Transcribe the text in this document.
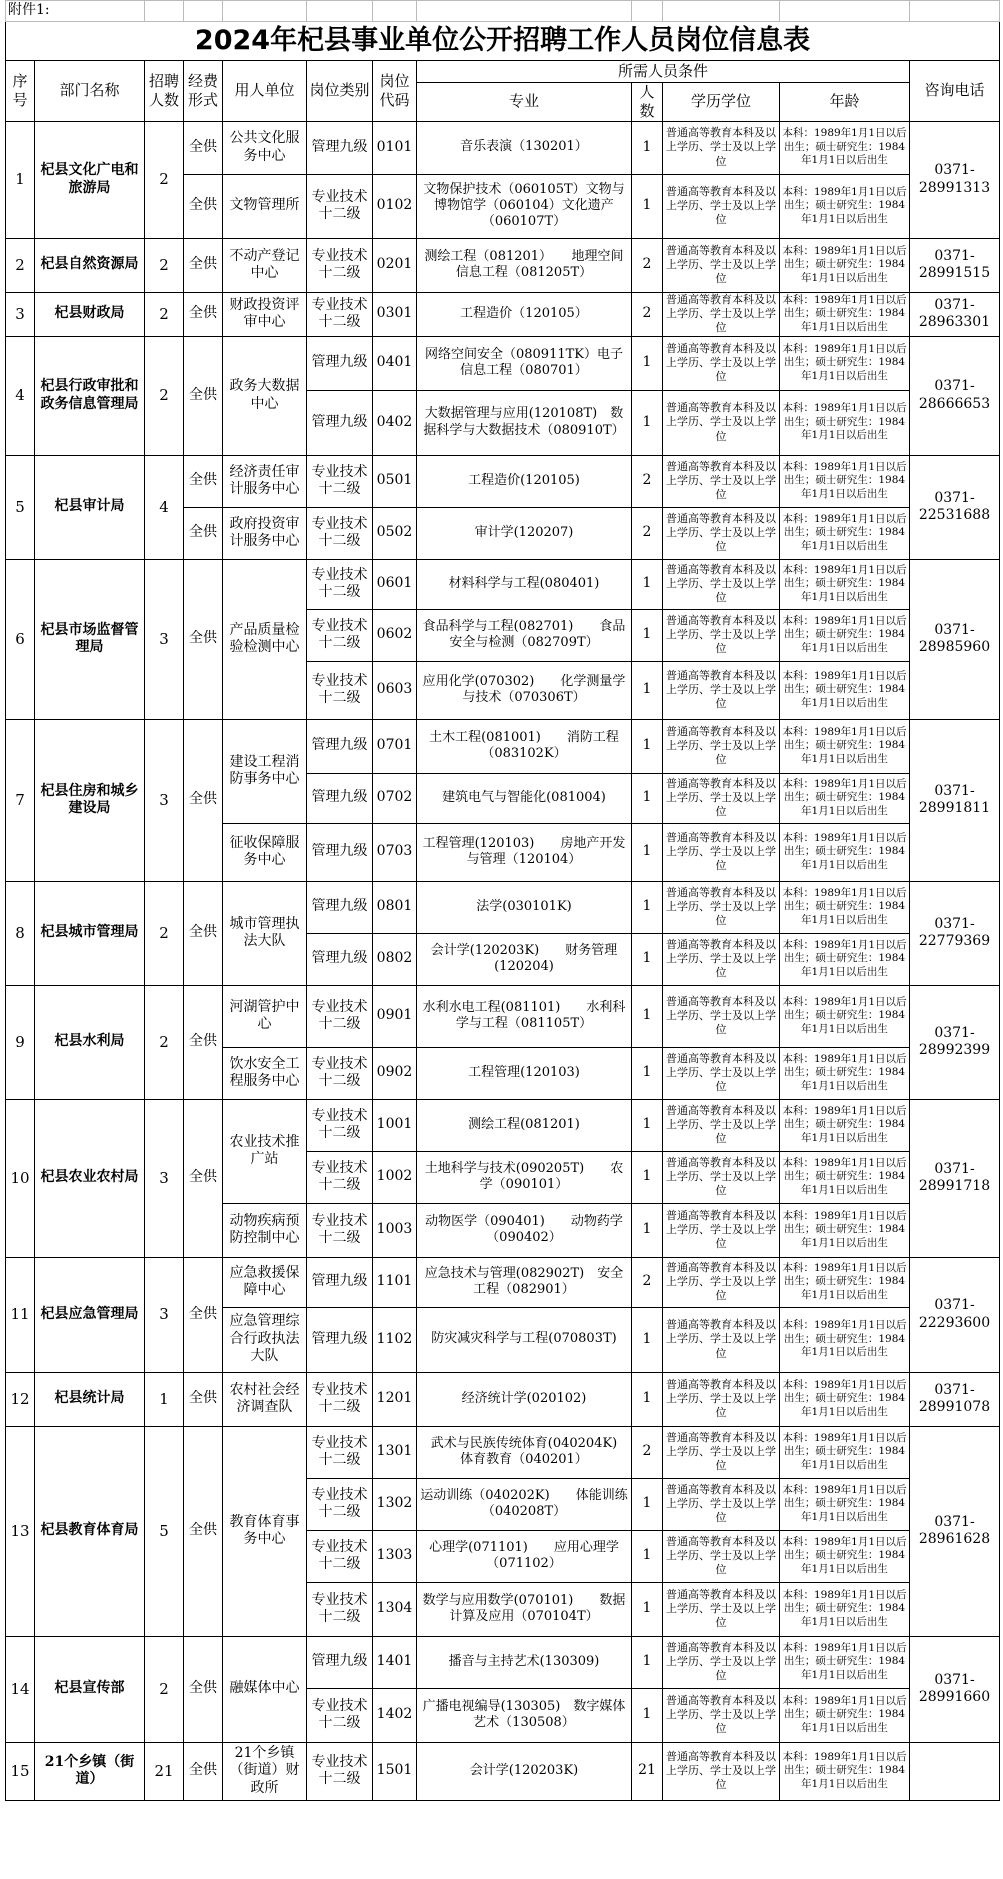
附件1:											
2024年杞县事业单位公开招聘工作人员岗位信息表											
序号	部门名称	招聘人数	经费形式	用人单位	岗位类别	岗位代码	所需人员条件				咨询电话
							专业	人数	学历学位	年龄	
1	杞县文化广电和旅游局	2	全供	公共文化服务中心	管理九级	0101	音乐表演（130201）	1	普通高等教育本科及以上学历、学士及以上学位	本科：1989年1月1日以后出生；硕士研究生：1984年1月1日以后出生	0371-28991313
			全供	文物管理所	专业技术十二级	0102	文物保护技术（060105T）文物与博物馆学（060104）文化遗产（060107T）	1	普通高等教育本科及以上学历、学士及以上学位	本科：1989年1月1日以后出生；硕士研究生：1984年1月1日以后出生	
2	杞县自然资源局	2	全供	不动产登记中心	专业技术十二级	0201	测绘工程（081201）　　地理空间信息工程（081205T）	2	普通高等教育本科及以上学历、学士及以上学位	本科：1989年1月1日以后出生；硕士研究生：1984年1月1日以后出生	0371-28991515
3	杞县财政局	2	全供	财政投资评审中心	专业技术十二级	0301	工程造价（120105）	2	普通高等教育本科及以上学历、学士及以上学位	本科：1989年1月1日以后出生；硕士研究生：1984年1月1日以后出生	0371-28963301
4	杞县行政审批和政务信息管理局	2	全供	政务大数据中心	管理九级	0401	网络空间安全（080911TK）电子信息工程（080701）	1	普通高等教育本科及以上学历、学士及以上学位	本科：1989年1月1日以后出生；硕士研究生：1984年1月1日以后出生	0371-28666653
					管理九级	0402	大数据管理与应用(120108T)　数据科学与大数据技术（080910T）	1	普通高等教育本科及以上学历、学士及以上学位	本科：1989年1月1日以后出生；硕士研究生：1984年1月1日以后出生	
5	杞县审计局	4	全供	经济责任审计服务中心	专业技术十二级	0501	工程造价(120105)	2	普通高等教育本科及以上学历、学士及以上学位	本科：1989年1月1日以后出生；硕士研究生：1984年1月1日以后出生	0371-22531688
			全供	政府投资审计服务中心	专业技术十二级	0502	审计学(120207)	2	普通高等教育本科及以上学历、学士及以上学位	本科：1989年1月1日以后出生；硕士研究生：1984年1月1日以后出生	
6	杞县市场监督管理局	3	全供	产品质量检验检测中心	专业技术十二级	0601	材料科学与工程(080401)	1	普通高等教育本科及以上学历、学士及以上学位	本科：1989年1月1日以后出生；硕士研究生：1984年1月1日以后出生	0371-28985960
					专业技术十二级	0602	食品科学与工程(082701)　　食品安全与检测（082709T）	1	普通高等教育本科及以上学历、学士及以上学位	本科：1989年1月1日以后出生；硕士研究生：1984年1月1日以后出生	
					专业技术十二级	0603	应用化学(070302)　　化学测量学与技术（070306T）	1	普通高等教育本科及以上学历、学士及以上学位	本科：1989年1月1日以后出生；硕士研究生：1984年1月1日以后出生	
7	杞县住房和城乡建设局	3	全供	建设工程消防事务中心	管理九级	0701	土木工程(081001)　　消防工程（083102K）	1	普通高等教育本科及以上学历、学士及以上学位	本科：1989年1月1日以后出生；硕士研究生：1984年1月1日以后出生	0371-28991811
					管理九级	0702	建筑电气与智能化(081004)	1	普通高等教育本科及以上学历、学士及以上学位	本科：1989年1月1日以后出生；硕士研究生：1984年1月1日以后出生	
				征收保障服务中心	管理九级	0703	工程管理(120103)　　房地产开发与管理（120104）	1	普通高等教育本科及以上学历、学士及以上学位	本科：1989年1月1日以后出生；硕士研究生：1984年1月1日以后出生	
8	杞县城市管理局	2	全供	城市管理执法大队	管理九级	0801	法学(030101K)	1	普通高等教育本科及以上学历、学士及以上学位	本科：1989年1月1日以后出生；硕士研究生：1984年1月1日以后出生	0371-22779369
					管理九级	0802	会计学(120203K)　　财务管理(120204)	1	普通高等教育本科及以上学历、学士及以上学位	本科：1989年1月1日以后出生；硕士研究生：1984年1月1日以后出生	
9	杞县水利局	2	全供	河湖管护中心	专业技术十二级	0901	水利水电工程(081101)　　水利科学与工程（081105T）	1	普通高等教育本科及以上学历、学士及以上学位	本科：1989年1月1日以后出生；硕士研究生：1984年1月1日以后出生	0371-28992399
				饮水安全工程服务中心	专业技术十二级	0902	工程管理(120103)	1	普通高等教育本科及以上学历、学士及以上学位	本科：1989年1月1日以后出生；硕士研究生：1984年1月1日以后出生	
10	杞县农业农村局	3	全供	农业技术推广站	专业技术十二级	1001	测绘工程(081201)	1	普通高等教育本科及以上学历、学士及以上学位	本科：1989年1月1日以后出生；硕士研究生：1984年1月1日以后出生	0371-28991718
					专业技术十二级	1002	土地科学与技术(090205T)　　农学（090101）	1	普通高等教育本科及以上学历、学士及以上学位	本科：1989年1月1日以后出生；硕士研究生：1984年1月1日以后出生	
				动物疾病预防控制中心	专业技术十二级	1003	动物医学（090401)　　动物药学（090402）	1	普通高等教育本科及以上学历、学士及以上学位	本科：1989年1月1日以后出生；硕士研究生：1984年1月1日以后出生	
11	杞县应急管理局	3	全供	应急救援保障中心	管理九级	1101	应急技术与管理(082902T)　安全工程（082901）	2	普通高等教育本科及以上学历、学士及以上学位	本科：1989年1月1日以后出生；硕士研究生：1984年1月1日以后出生	0371-22293600
				应急管理综合行政执法大队	管理九级	1102	防灾减灾科学与工程(070803T)	1	普通高等教育本科及以上学历、学士及以上学位	本科：1989年1月1日以后出生；硕士研究生：1984年1月1日以后出生	
12	杞县统计局	1	全供	农村社会经济调查队	专业技术十二级	1201	经济统计学(020102)	1	普通高等教育本科及以上学历、学士及以上学位	本科：1989年1月1日以后出生；硕士研究生：1984年1月1日以后出生	0371-28991078
13	杞县教育体育局	5	全供	教育体育事务中心	专业技术十二级	1301	武术与民族传统体育(040204K)　体育教育（040201）	2	普通高等教育本科及以上学历、学士及以上学位	本科：1989年1月1日以后出生；硕士研究生：1984年1月1日以后出生	0371-28961628
					专业技术十二级	1302	运动训练（040202K)　　体能训练（040208T）	1	普通高等教育本科及以上学历、学士及以上学位	本科：1989年1月1日以后出生；硕士研究生：1984年1月1日以后出生	
					专业技术十二级	1303	心理学(071101)　　应用心理学（071102）	1	普通高等教育本科及以上学历、学士及以上学位	本科：1989年1月1日以后出生；硕士研究生：1984年1月1日以后出生	
					专业技术十二级	1304	数学与应用数学(070101)　　数据计算及应用（070104T）	1	普通高等教育本科及以上学历、学士及以上学位	本科：1989年1月1日以后出生；硕士研究生：1984年1月1日以后出生	
14	杞县宣传部	2	全供	融媒体中心	管理九级	1401	播音与主持艺术(130309)	1	普通高等教育本科及以上学历、学士及以上学位	本科：1989年1月1日以后出生；硕士研究生：1984年1月1日以后出生	0371-28991660
					专业技术十二级	1402	广播电视编导(130305)　数字媒体艺术（130508）	1	普通高等教育本科及以上学历、学士及以上学位	本科：1989年1月1日以后出生；硕士研究生：1984年1月1日以后出生	
15	21个乡镇（街道）	21	全供	21个乡镇（街道）财政所	专业技术十二级	1501	会计学(120203K)	21	普通高等教育本科及以上学历、学士及以上学位	本科：1989年1月1日以后出生；硕士研究生：1984年1月1日以后出生	
